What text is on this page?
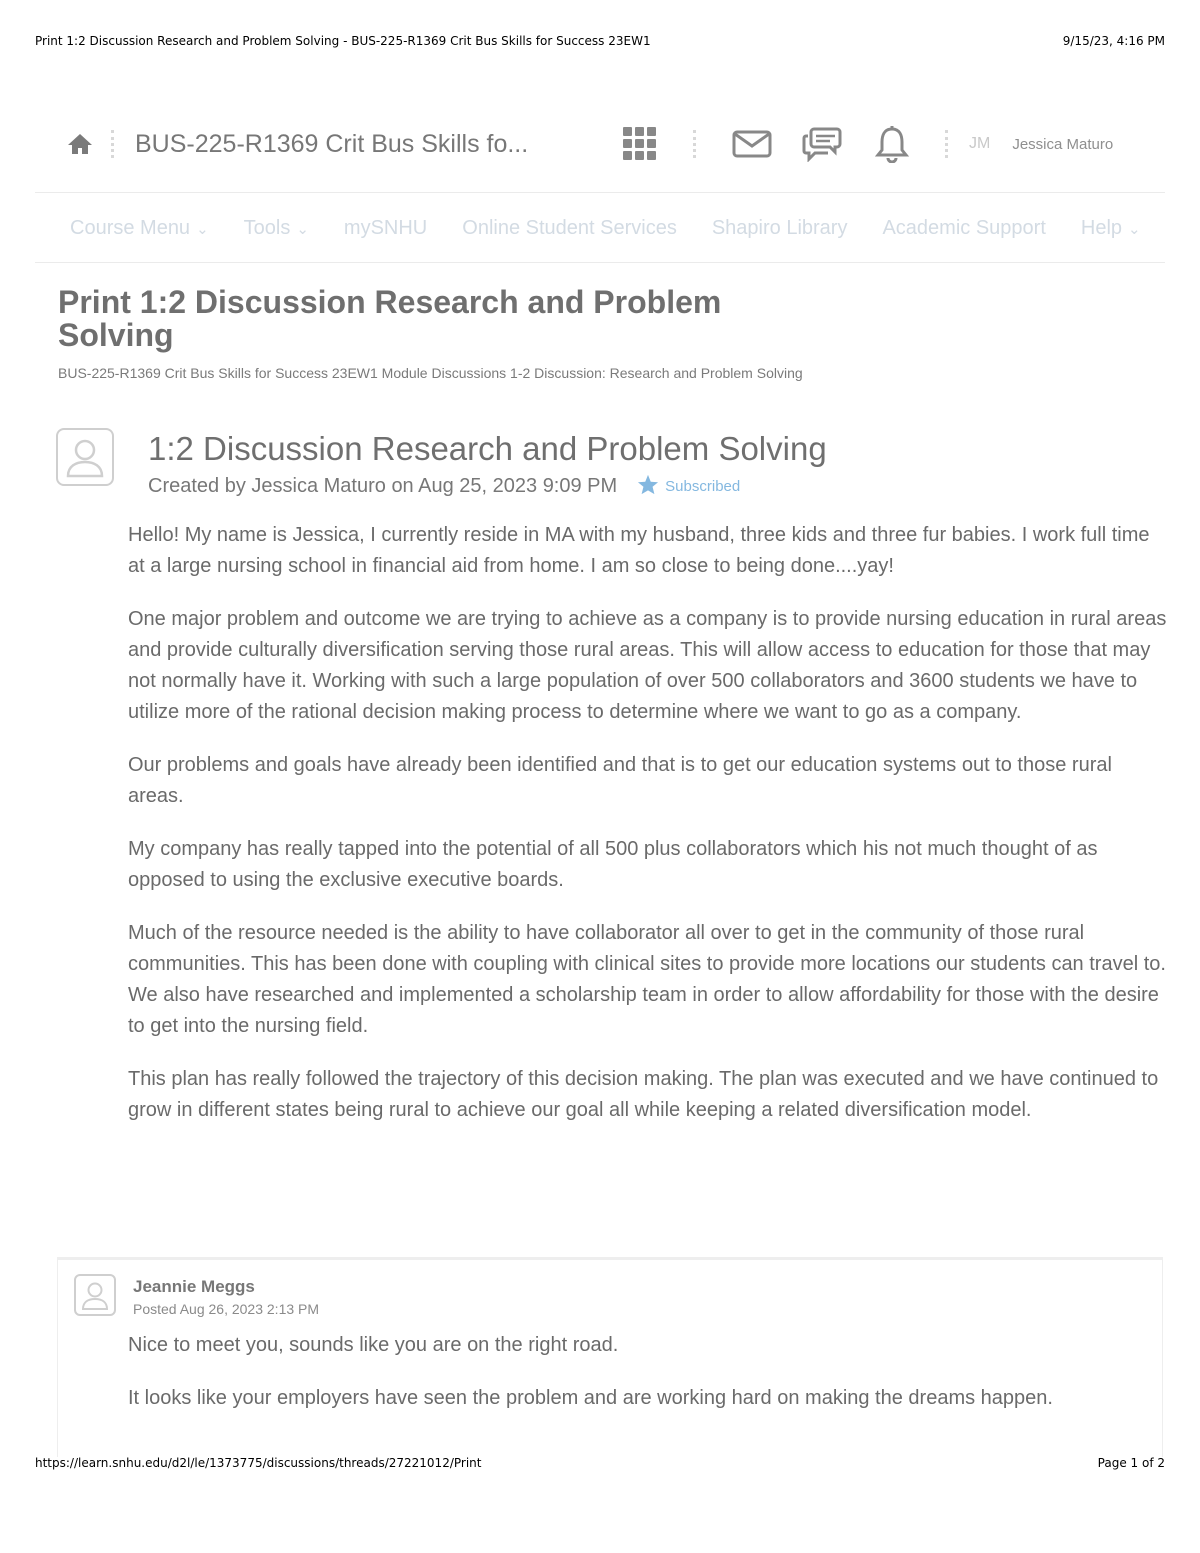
Print 1:2 Discussion Research and Problem Solving - BUS-225-R1369 Crit Bus Skills for Success 23EW1	9/15/23, 4:16 PM
BUS-225-R1369 Crit Bus Skills fo...	JM Jessica Maturo
Course Menu ⌄ Tools ⌄ mySNHU Online Student Services Shapiro Library Academic Support Help ⌄
Print 1:2 Discussion Research and Problem Solving
BUS-225-R1369 Crit Bus Skills for Success 23EW1 Module Discussions 1-2 Discussion: Research and Problem Solving
1:2 Discussion Research and Problem Solving
Created by Jessica Maturo on Aug 25, 2023 9:09 PM	Subscribed

Hello! My name is Jessica, I currently reside in MA with my husband, three kids and three fur babies. I work full time at a large nursing school in financial aid from home. I am so close to being done....yay!

One major problem and outcome we are trying to achieve as a company is to provide nursing education in rural areas and provide culturally diversification serving those rural areas. This will allow access to education for those that may not normally have it. Working with such a large population of over 500 collaborators and 3600 students we have to utilize more of the rational decision making process to determine where we want to go as a company.

Our problems and goals have already been identified and that is to get our education systems out to those rural areas.

My company has really tapped into the potential of all 500 plus collaborators which his not much thought of as opposed to using the exclusive executive boards.

Much of the resource needed is the ability to have collaborator all over to get in the community of those rural communities. This has been done with coupling with clinical sites to provide more locations our students can travel to. We also have researched and implemented a scholarship team in order to allow affordability for those with the desire to get into the nursing field.

This plan has really followed the trajectory of this decision making. The plan was executed and we have continued to grow in different states being rural to achieve our goal all while keeping a related diversification model.

Jeannie Meggs
Posted Aug 26, 2023 2:13 PM

Nice to meet you, sounds like you are on the right road.

It looks like your employers have seen the problem and are working hard on making the dreams happen.

https://learn.snhu.edu/d2l/le/1373775/discussions/threads/27221012/Print	Page 1 of 2
